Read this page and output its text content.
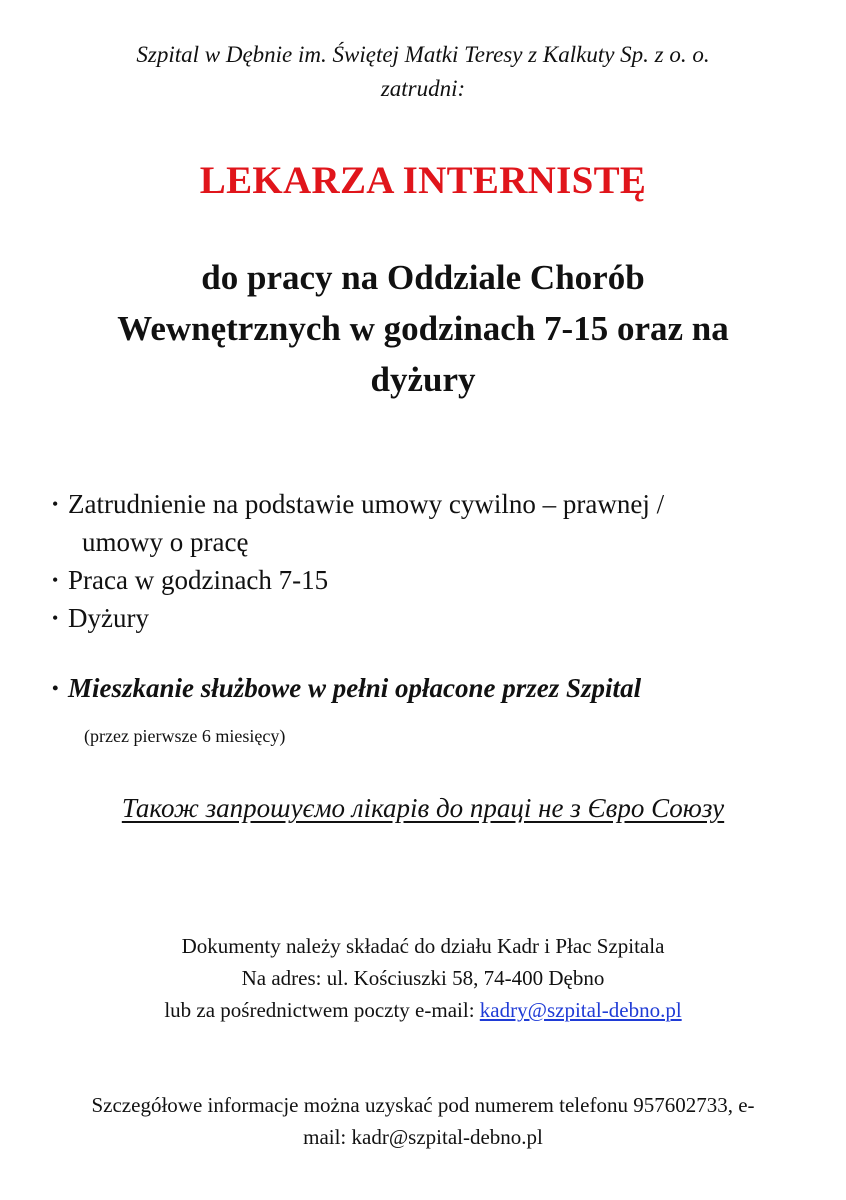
Szpital w Dębnie im. Świętej Matki Teresy z Kalkuty Sp. z o. o.
zatrudni:
LEKARZA INTERNISTĘ
do pracy na Oddziale Chorób
Wewnętrznych w godzinach 7-15 oraz na
dyżury
• Zatrudnienie na podstawie umowy cywilno – prawnej /
umowy o pracę
• Praca w godzinach 7-15
• Dyżury
• Mieszkanie służbowe w pełni opłacone przez Szpital
(przez pierwsze 6 miesięcy)
Також запрошуємо лікарів до праці не з Євро Союзу
Dokumenty należy składać do działu Kadr i Płac Szpitala
Na adres: ul. Kościuszki 58, 74-400 Dębno
lub za pośrednictwem poczty e-mail: kadry@szpital-debno.pl
Szczegółowe informacje można uzyskać pod numerem telefonu 957602733, e-
mail: kadr@szpital-debno.pl
